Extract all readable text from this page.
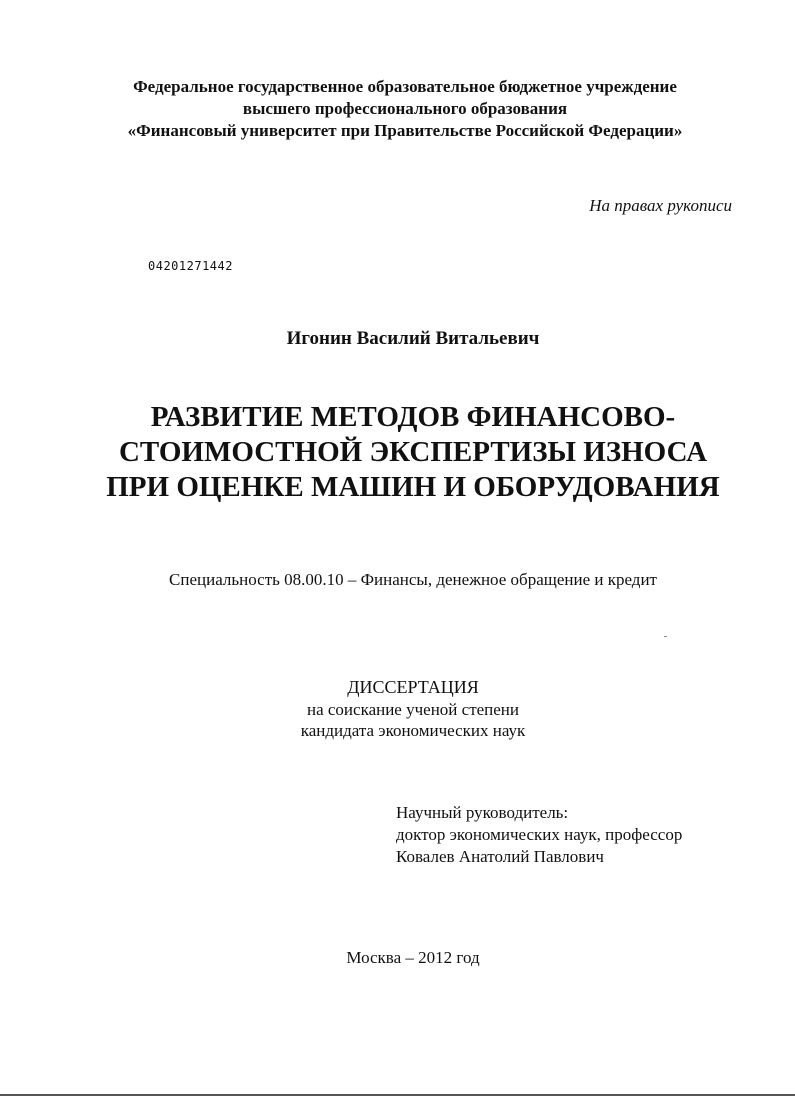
Федеральное государственное образовательное бюджетное учреждение
высшего профессионального образования
«Финансовый университет при Правительстве Российской Федерации»
На правах рукописи
04201271442
Игонин Василий Витальевич
РАЗВИТИЕ МЕТОДОВ ФИНАНСОВО-
СТОИМОСТНОЙ ЭКСПЕРТИЗЫ ИЗНОСА
ПРИ ОЦЕНКЕ МАШИН И ОБОРУДОВАНИЯ
Специальность 08.00.10 – Финансы, денежное обращение и кредит
ДИССЕРТАЦИЯ
на соискание ученой степени
кандидата экономических наук
Научный руководитель:
доктор экономических наук, профессор
Ковалев Анатолий Павлович
Москва – 2012 год
